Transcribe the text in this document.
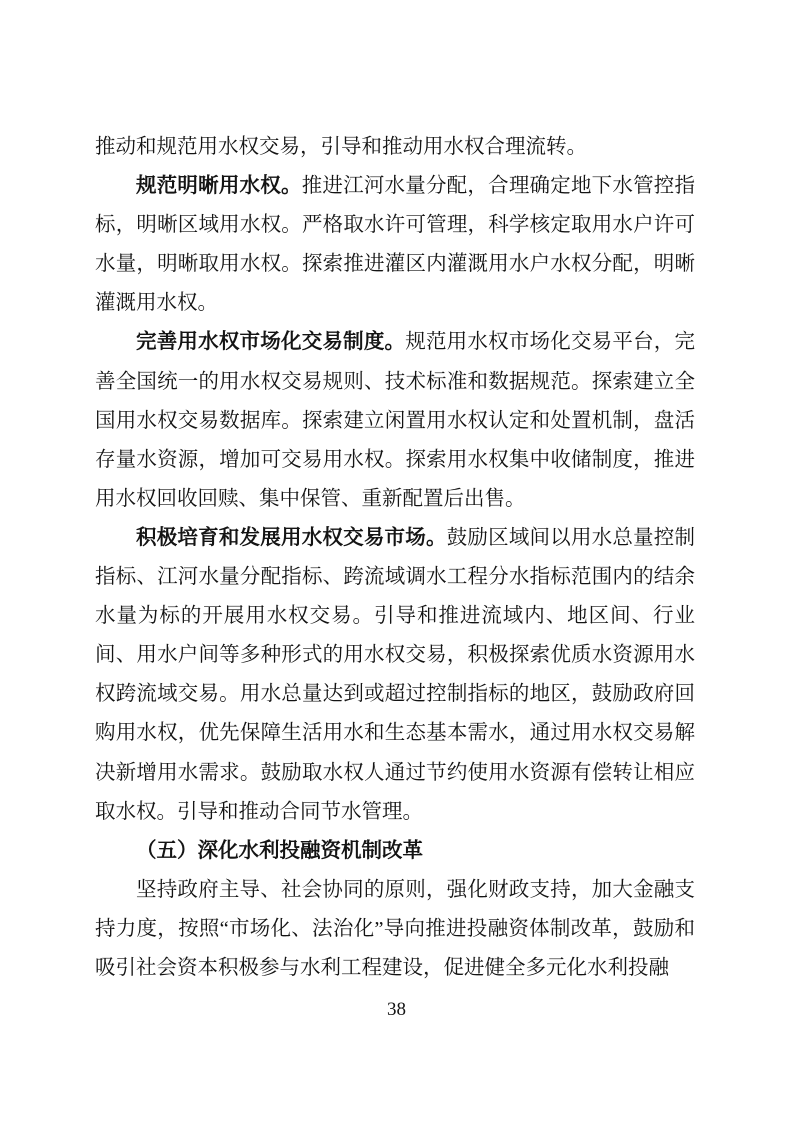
推动和规范用水权交易，引导和推动用水权合理流转。

规范明晰用水权。推进江河水量分配，合理确定地下水管控指标，明晰区域用水权。严格取水许可管理，科学核定取用水户许可水量，明晰取用水权。探索推进灌区内灌溉用水户水权分配，明晰灌溉用水权。

完善用水权市场化交易制度。规范用水权市场化交易平台，完善全国统一的用水权交易规则、技术标准和数据规范。探索建立全国用水权交易数据库。探索建立闲置用水权认定和处置机制，盘活存量水资源，增加可交易用水权。探索用水权集中收储制度，推进用水权回收回赎、集中保管、重新配置后出售。

积极培育和发展用水权交易市场。鼓励区域间以用水总量控制指标、江河水量分配指标、跨流域调水工程分水指标范围内的结余水量为标的开展用水权交易。引导和推进流域内、地区间、行业间、用水户间等多种形式的用水权交易，积极探索优质水资源用水权跨流域交易。用水总量达到或超过控制指标的地区，鼓励政府回购用水权，优先保障生活用水和生态基本需水，通过用水权交易解决新增用水需求。鼓励取水权人通过节约使用水资源有偿转让相应取水权。引导和推动合同节水管理。

（五）深化水利投融资机制改革

坚持政府主导、社会协同的原则，强化财政支持，加大金融支持力度，按照“市场化、法治化”导向推进投融资体制改革，鼓励和吸引社会资本积极参与水利工程建设，促进健全多元化水利投融

38
